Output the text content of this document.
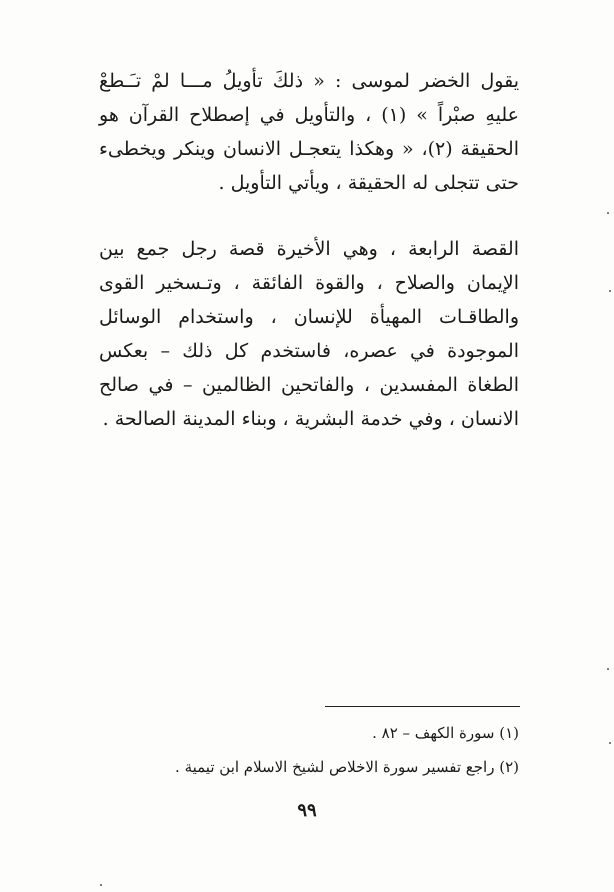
يقول الخضر لموسى : « ذلكَ تأويلُ مـــا لمْ تـَـطعْ عليهِ صبْراً » (١) ، والتأويل في إصطلاح القرآن هو الحقيقة (٢)، « وهكذا يتعجـل الانسان وينكر ويخطىء حتى تتجلى له الحقيقة ، ويأتي التأويل .

القصة الرابعة ، وهي الأخيرة قصة رجل جمع بين الإيمان والصلاح ، والقوة الفائقة ، وتـسخير القوى والطاقـات المهيأة للإنسان ، واستخدام الوسائل الموجودة في عصره، فاستخدم كل ذلك – بعكس الطغاة المفسدين ، والفاتحين الظالمين – في صالح الانسان ، وفي خدمة البشرية ، وبناء المدينة الصالحة .

(١) سورة الكهف – ٨٢ .
(٢) راجع تفسير سورة الاخلاص لشيخ الاسلام ابن تيمية .
٩٩
